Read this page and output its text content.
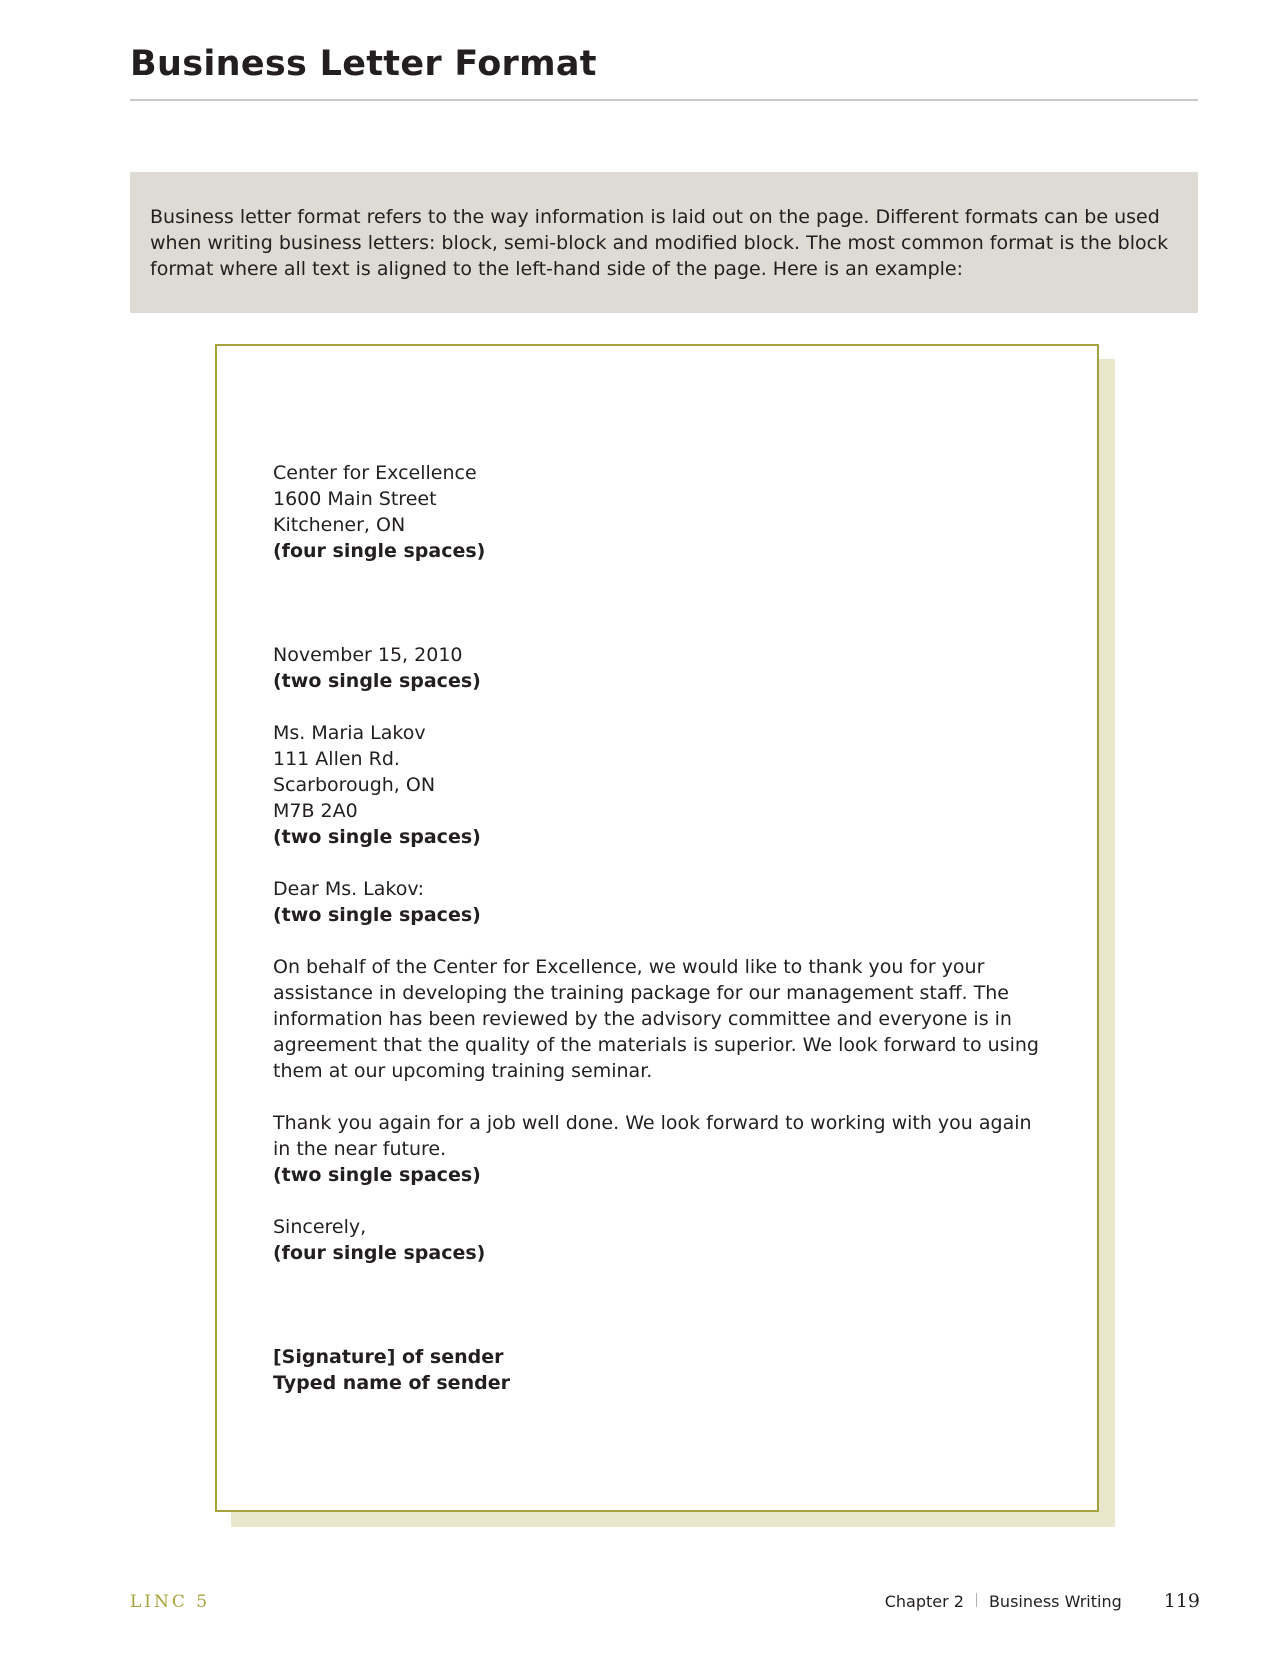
Business Letter Format

Business letter format refers to the way information is laid out on the page. Different formats can be used when writing business letters: block, semi-block and modified block. The most common format is the block format where all text is aligned to the left-hand side of the page. Here is an example:

Center for Excellence
1600 Main Street
Kitchener, ON
(four single spaces)
November 15, 2010
(two single spaces)
Ms. Maria Lakov
111 Allen Rd.
Scarborough, ON
M7B 2A0
(two single spaces)
Dear Ms. Lakov:
(two single spaces)

On behalf of the Center for Excellence, we would like to thank you for your assistance in developing the training package for our management staff. The information has been reviewed by the advisory committee and everyone is in agreement that the quality of the materials is superior. We look forward to using them at our upcoming training seminar.

Thank you again for a job well done. We look forward to working with you again in the near future.

(two single spaces)
Sincerely,
(four single spaces)
[Signature] of sender
Typed name of sender
LINC 5	Chapter 2 Business Writing 119
